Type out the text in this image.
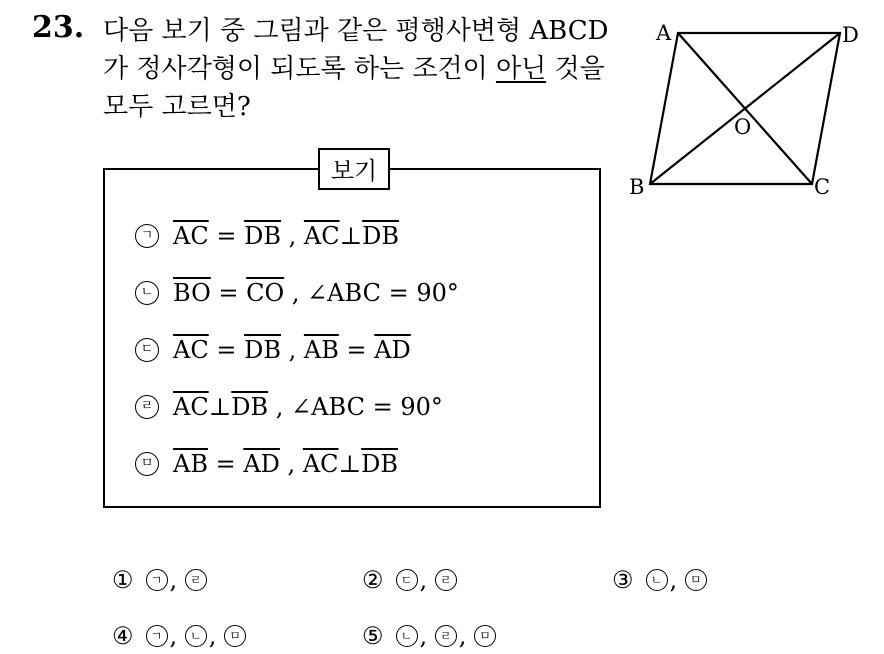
23. 다음 보기 중 그림과 같은 평행사변형 ABCD가 정사각형이 되도록 하는 조건이 아닌 것을 모두 고르면?
A	D
B	C
O
보기
ㄱ $\overline{AC} = \overline{DB}$ , $\overline{AC}\perp\overline{DB}$
ㄴ $\overline{BO} = \overline{CO}$ , ∠ABC = 90°
ㄷ $\overline{AC} = \overline{DB}$ , $\overline{AB} = \overline{AD}$
ㄹ $\overline{AC}\perp\overline{DB}$ , ∠ABC = 90°
ㅁ $\overline{AB} = \overline{AD}$ , $\overline{AC}\perp\overline{DB}$
① ㄱ , ㄹ	② ㄷ , ㄹ	③ ㄴ , ㅁ
④ ㄱ , ㄴ , ㅁ	⑤ ㄴ , ㄹ , ㅁ
